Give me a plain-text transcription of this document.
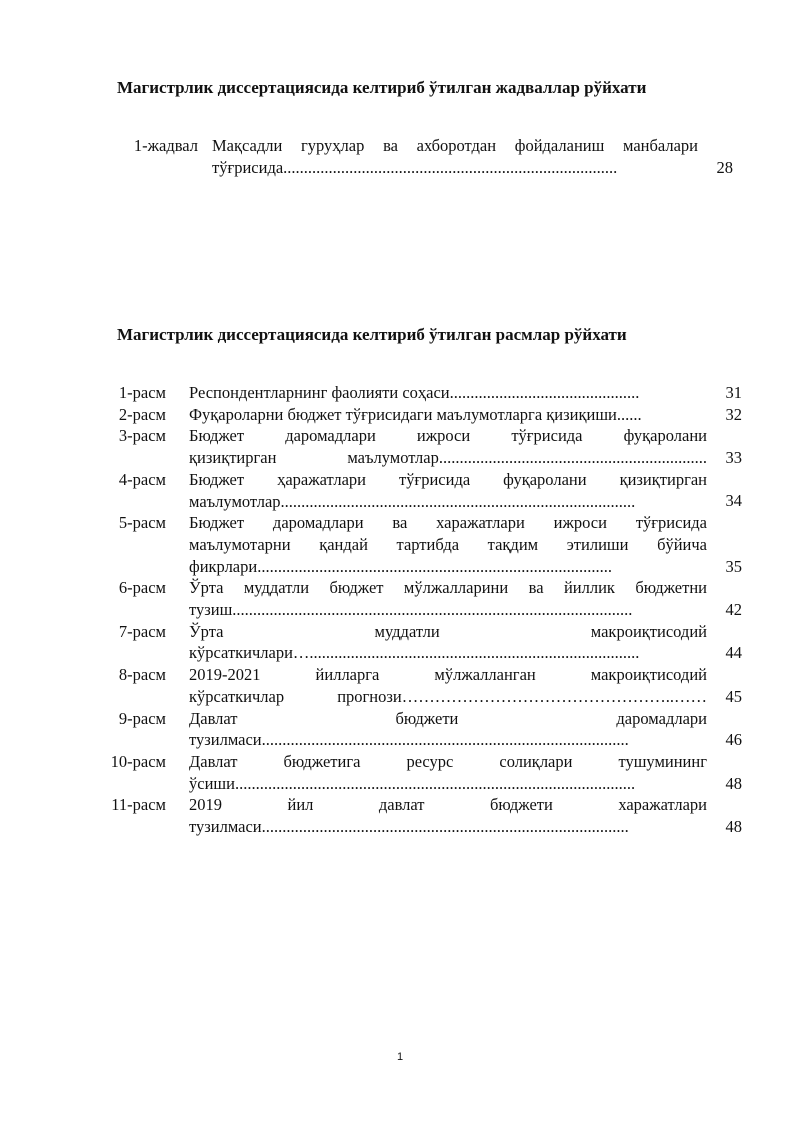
Магистрлик диссертациясида келтириб ўтилган жадваллар рўйхати
1-жадвал Мақсадли гуруҳлар ва ахборотдан фойдаланиш манбалари
тўғрисида.................................................................................	28
Магистрлик диссертациясида келтириб ўтилган расмлар рўйхати
1-расм Респондентларнинг фаолияти соҳаси..............................................	31
2-расм Фуқароларни бюджет тўғрисидаги маълумотларга қизиқиши......	32
3-расм Бюджет даромадлари ижроси тўғрисида фуқаролани
қизиқтирган маълумотлар................................................................. 33
4-расм Бюджет ҳаражатлари тўғрисида фуқаролани қизиқтирган
маълумотлар......................................................................................	34
5-расм Бюджет даромадлари ва харажатлари ижроси тўғрисида
маълумотарни қандай тартибда тақдим этилиши бўйича
фикрлари......................................................................................	35
6-расм Ўрта муддатли бюджет мўлжалларини ва йиллик бюджетни
тузиш.................................................................................................	42
7-расм Ўрта муддатли макроиқтисодий
кўрсаткичлари…................................................................................	44
8-расм 2019-2021 йилларга мўлжалланган макроиқтисодий
кўрсаткичлар прогнози…………………………………………..…… 45
9-расм Давлат бюджети даромадлари
тузилмаси.........................................................................................	46
10-расм Давлат бюджетига ресурс солиқлари тушумининг
ўсиши.................................................................................................	48
11-расм 2019 йил давлат бюджети харажатлари
тузилмаси.........................................................................................	48
1
